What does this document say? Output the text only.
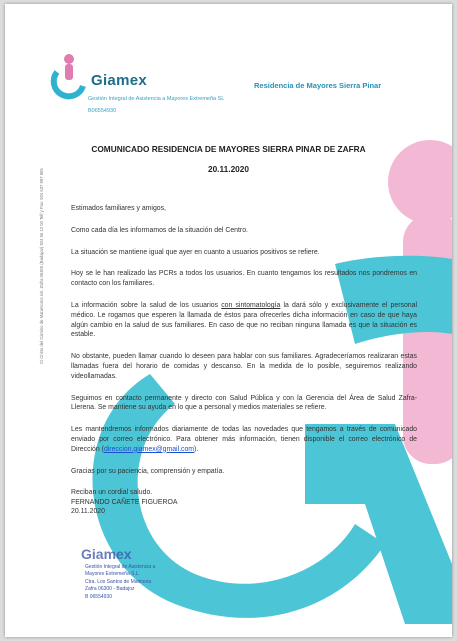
Giamex
Gestión Integral de Asistencia a Mayores Extremeña SL
B06554930
Residencia de Mayores Sierra Pinar
COMUNICADO RESIDENCIA DE MAYORES SIERRA PINAR DE ZAFRA
20.11.2020
C/ Cristo del Camino de Matamoros s/n. Zafra 06300 (Badajoz) 924 56 12 00 Telf y Fax: 924 637 997 905	Estimados familiares y amigos,

Como cada día les informamos de la situación del Centro.

La situación se mantiene igual que ayer en cuanto a usuarios positivos se refiere.

Hoy se le han realizado las PCRs a todos los usuarios. En cuanto tengamos los resultados nos pondremos en contacto con los familiares.

La información sobre la salud de los usuarios con sintomatología la dará sólo y exclusivamente el personal médico. Le rogamos que esperen la llamada de éstos para ofrecerles dicha información en caso de que haya algún cambio en la salud de sus familiares. En caso de que no reciban ninguna llamada es que la situación es estable.

No obstante, pueden llamar cuando lo deseen para hablar con sus familiares. Agradeceríamos realizaran estas llamadas fuera del horario de comidas y descanso. En la medida de lo posible, seguiremos realizando videollamadas.

Seguimos en contacto permanente y directo con Salud Pública y con la Gerencia del Área de Salud Zafra-Llerena. Se mantiene su ayuda en lo que a personal y medios materiales se refiere.

Les mantendremos informados diariamente de todas las novedades que tengamos a través de comunicado enviado por correo electrónico. Para obtener más información, tienen disponible el correo electrónico de Dirección (direccion.giamex@gmail.com).

Gracias por su paciencia, comprensión y empatía.

Reciban un cordial saludo.
FERNANDO CAÑETE FIGUEROA
20.11.2020
Giamex
Gestión Integral de Asistencia a
Mayores Extremeña S.L
Ctra. Los Santos de Maimona
Zafra 06300 - Badajoz
B 06554930
